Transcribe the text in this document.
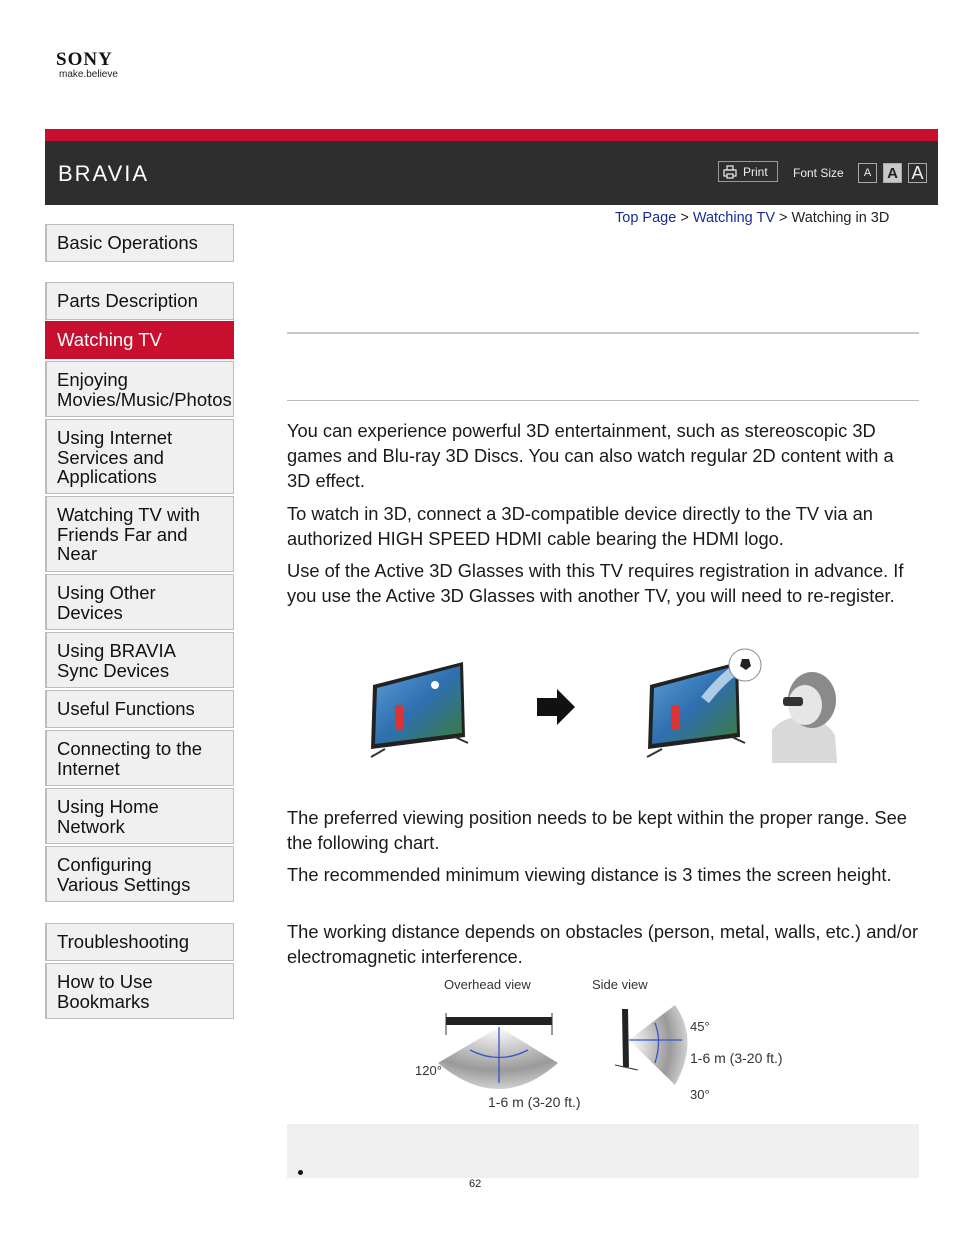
SONY
make.believe
BRAVIA	Print Font Size	A	A A
Top Page > Watching TV > Watching in 3D
Basic Operations
Parts Description
Watching TV
Enjoying Movies/Music/Photos
Using Internet Services and Applications
Watching TV with Friends Far and Near
Using Other Devices
Using BRAVIA Sync Devices
Useful Functions
Connecting to the Internet
Using Home Network
Configuring Various Settings
Troubleshooting
How to Use Bookmarks

You can experience powerful 3D entertainment, such as stereoscopic 3D games and Blu-ray 3D Discs. You can also watch regular 2D content with a 3D effect.

To watch in 3D, connect a 3D-compatible device directly to the TV via an authorized HIGH SPEED HDMI cable bearing the HDMI logo.

Use of the Active 3D Glasses with this TV requires registration in advance. If you use the Active 3D Glasses with another TV, you will need to re-register.

The preferred viewing position needs to be kept within the proper range. See the following chart.

The recommended minimum viewing distance is 3 times the screen height.

The working distance depends on obstacles (person, metal, walls, etc.) and/or electromagnetic interference.

Overhead view	Side view
120°
1-6 m (3-20 ft.)
45°
1-6 m (3-20 ft.)
30°
62
